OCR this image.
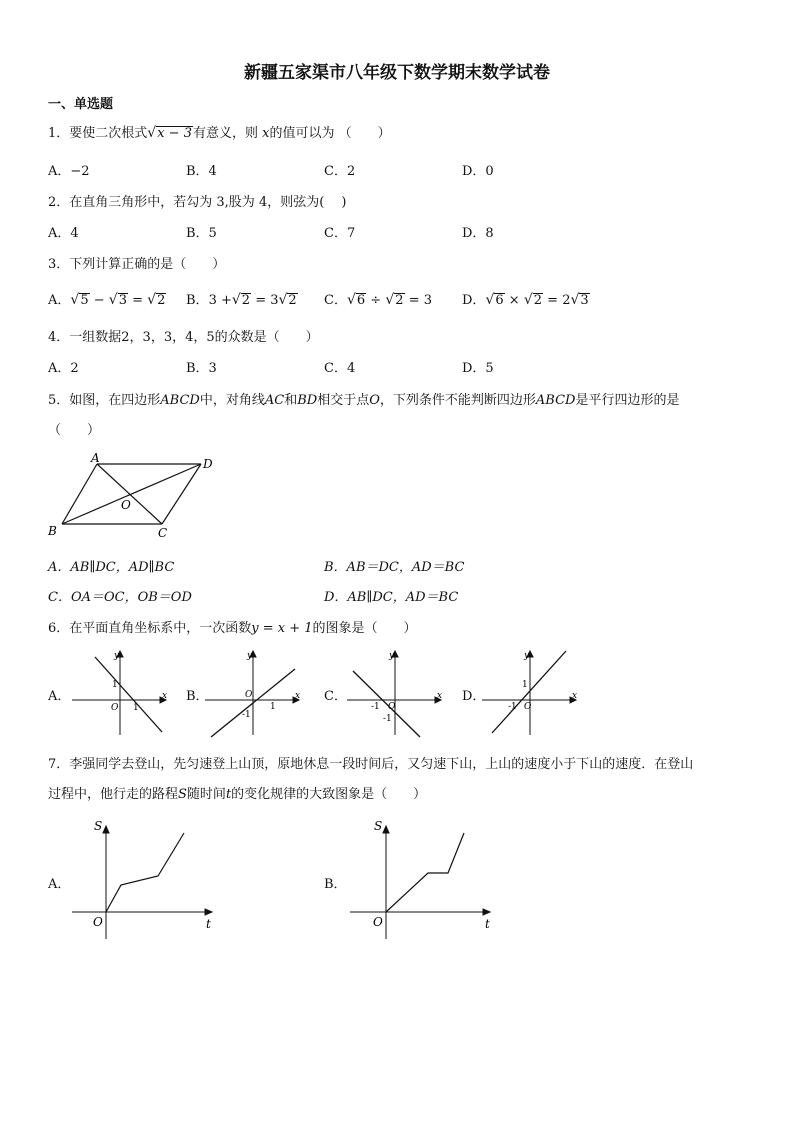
新疆五家渠市八年级下数学期末数学试卷
一、单选题
1．要使二次根式√x − 3有意义，则 x的值可以为 （　　）
A．−2	B．4	C．2	D．0
2．在直角三角形中，若勾为 3,股为 4，则弦为(　 )
A．4	B．5	C．7	D．8
3．下列计算正确的是（　　）
A．√5 − √3 = √2 B．3 +√2 = 3√2 C．√6 ÷ √2 = 3 D．√6 × √2 = 2√3
4．一组数据2，3，3，4，5的众数是（　　）
A．2	B．3	C．4	D．5
5．如图，在四边形ABCD中，对角线AC和BD相交于点O，下列条件不能判断四边形ABCD是平行四边形的是
（　　）
A	D
B	C
O
A．AB∥DC，AD∥BC	B．AB＝DC，AD＝BC
C．OA＝OC，OB＝OD	D．AB∥DC，AD＝BC
6．在平面直角坐标系中，一次函数y = x + 1的图象是（　　）
A．
y
x
O
1
1
B．
y
x
O
-1
1
C．
y
x
O
-1
-1
D．
y
x
O
1
-1
7．李强同学去登山，先匀速登上山顶，原地休息一段时间后，又匀速下山，上山的速度小于下山的速度．在登山
过程中，他行走的路程S随时间t的变化规律的大致图象是（　　）
A．
S
t
O
B．
S
t
O
